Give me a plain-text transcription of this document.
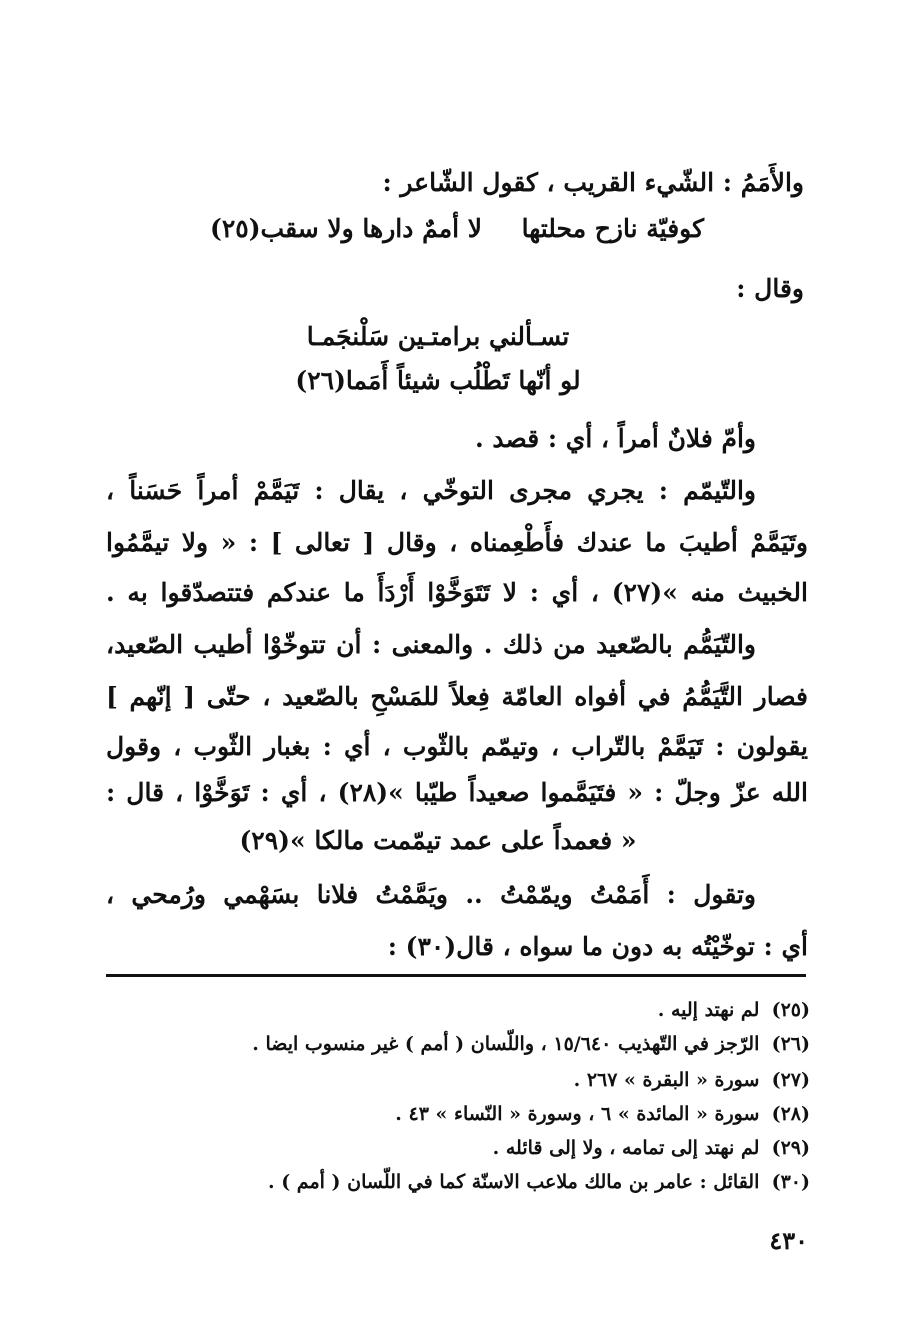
والأَمَمُ : الشّيء القريب ، كقول الشّاعر :
كوفيّة نازح محلتها
لا أممٌ دارها ولا سقب(٢٥)
وقال :
تسـألني برامتـين سَلْنجَمـا
لو أنّها تَطْلُب شيئاً أَمَما(٢٦)
وأمّ فلانٌ أمراً ، أي : قصد .
والتّيمّم : يجري مجرى التوخّي ، يقال : تَيَمَّمْ أمراً حَسَناً ،
وتَيَمَّمْ أطيبَ ما عندك فأَطْعِمناه ، وقال [ تعالى ] : « ولا تيمَّمُوا
الخبيث منه »(٢٧) ، أي : لا تَتَوَخَّوْا أَرْدَأَ ما عندكم فتتصدّقوا به .
والتّيَمُّم بالصّعيد من ذلك . والمعنى : أن تتوخّوْا أطيب الصّعيد،
فصار التَّيَمُّمُ في أفواه العامّة فِعلاً للمَسْحِ بالصّعيد ، حتّى [ إنّهم ]
يقولون : تَيَمَّمْ بالتّراب ، وتيمّم بالثّوب ، أي : بغبار الثّوب ، وقول
الله عزّ وجلّ : « فتَيَمَّموا صعيداً طيّبا »(٢٨) ، أي : تَوَخَّوْا ، قال :
« فعمداً على عمد تيمّمت مالكا »(٢٩)
وتقول : أَمَمْتُ ويمّمْتُ .. ويَمَّمْتُ فلانا بسَهْمي ورُمحي ،
أي : توخّيْتُه به دون ما سواه ، قال(٣٠) :
(٢٥) لم نهتد إليه .
(٢٦) الرّجز في التّهذيب ١٥/٦٤٠ ، واللّسان ( أمم ) غير منسوب ايضا .
(٢٧) سورة « البقرة » ٢٦٧ .
(٢٨) سورة « المائدة » ٦ ، وسورة « النّساء » ٤٣ .
(٢٩) لم نهتد إلى تمامه ، ولا إلى قائله .
(٣٠) القائل : عامر بن مالك ملاعب الاسنّة كما في اللّسان ( أمم ) .
٤٣٠
